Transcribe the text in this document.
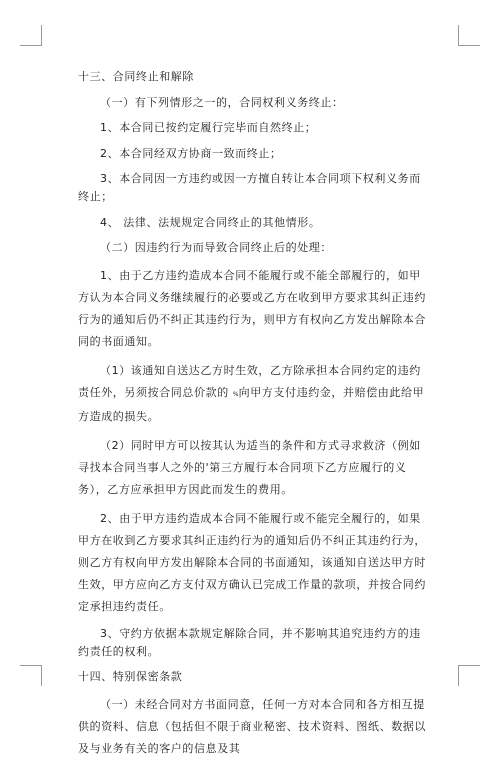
十三、合同终止和解除
（一）有下列情形之一的，合同权利义务终止：
1、本合同已按约定履行完毕而自然终止；
2、本合同经双方协商一致而终止；
3、本合同因一方违约或因一方擅自转让本合同项下权利义务而终止；
4、 法律、法规规定合同终止的其他情形。
（二）因违约行为而导致合同终止后的处理：
1、由于乙方违约造成本合同不能履行或不能全部履行的，如甲方认为本合同义务继续履行的必要或乙方在收到甲方要求其纠正违约行为的通知后仍不纠正其违约行为，则甲方有权向乙方发出解除本合同的书面通知。
（1）该通知自送达乙方时生效，乙方除承担本合同约定的违约责任外，另须按合同总价款的 %向甲方支付违约金，并赔偿由此给甲方造成的损失。
（2）同时甲方可以按其认为适当的条件和方式寻求救济（例如寻找本合同当事人之外的'第三方履行本合同项下乙方应履行的义务），乙方应承担甲方因此而发生的费用。
2、由于甲方违约造成本合同不能履行或不能完全履行的，如果甲方在收到乙方要求其纠正违约行为的通知后仍不纠正其违约行为，则乙方有权向甲方发出解除本合同的书面通知，该通知自送达甲方时生效，甲方应向乙方支付双方确认已完成工作量的款项，并按合同约定承担违约责任。
3、守约方依据本款规定解除合同，并不影响其追究违约方的违约责任的权利。
十四、特别保密条款
（一）未经合同对方书面同意，任何一方对本合同和各方相互提供的资料、信息（包括但不限于商业秘密、技术资料、图纸、数据以及与业务有关的客户的信息及其
